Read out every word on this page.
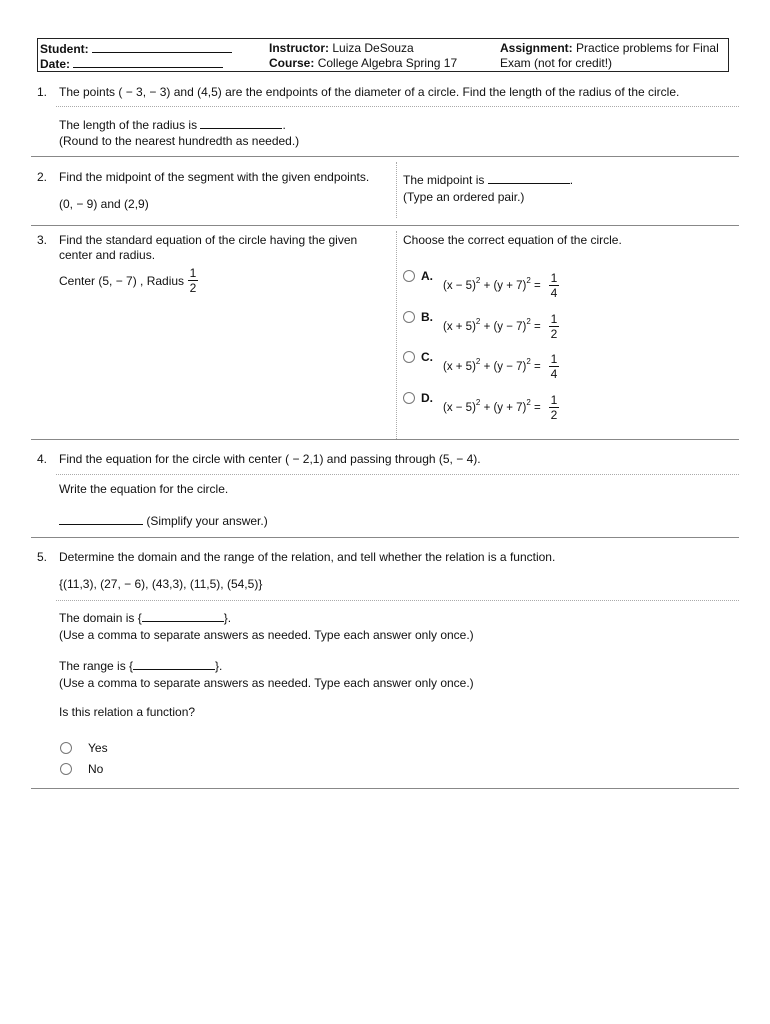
Student:
Date:
Instructor: Luiza DeSouza
Course: College Algebra Spring 17
Assignment: Practice problems for Final
Exam (not for credit!)
1. The points ( − 3, − 3) and (4,5) are the endpoints of the diameter of a circle. Find the length of the radius of the circle.
The length of the radius is	.
(Round to the nearest hundredth as needed.)
2. Find the midpoint of the segment with the given endpoints.
(0, − 9) and (2,9)
The midpoint is	.
(Type an ordered pair.)
3. Find the standard equation of the circle having the given
center and radius.
Center (5, − 7) , Radius
1
2
Choose the correct equation of the circle.
A.
$(x - 5)^2 + (y + 7)^2$ =
1
4
B.
$(x + 5)^2 + (y - 7)^2$ =
1
2
C.
$(x + 5)^2 + (y - 7)^2$ =
1
4
D.
$(x - 5)^2 + (y + 7)^2$ =
1
2
4. Find the equation for the circle with center ( − 2,1) and passing through (5, − 4).
Write the equation for the circle.
(Simplify your answer.)
5. Determine the domain and the range of the relation, and tell whether the relation is a function.
{(11,3), (27, − 6), (43,3), (11,5), (54,5)}
The domain is {	}.
(Use a comma to separate answers as needed. Type each answer only once.)
The range is {	}.
(Use a comma to separate answers as needed. Type each answer only once.)
Is this relation a function?
Yes
No
